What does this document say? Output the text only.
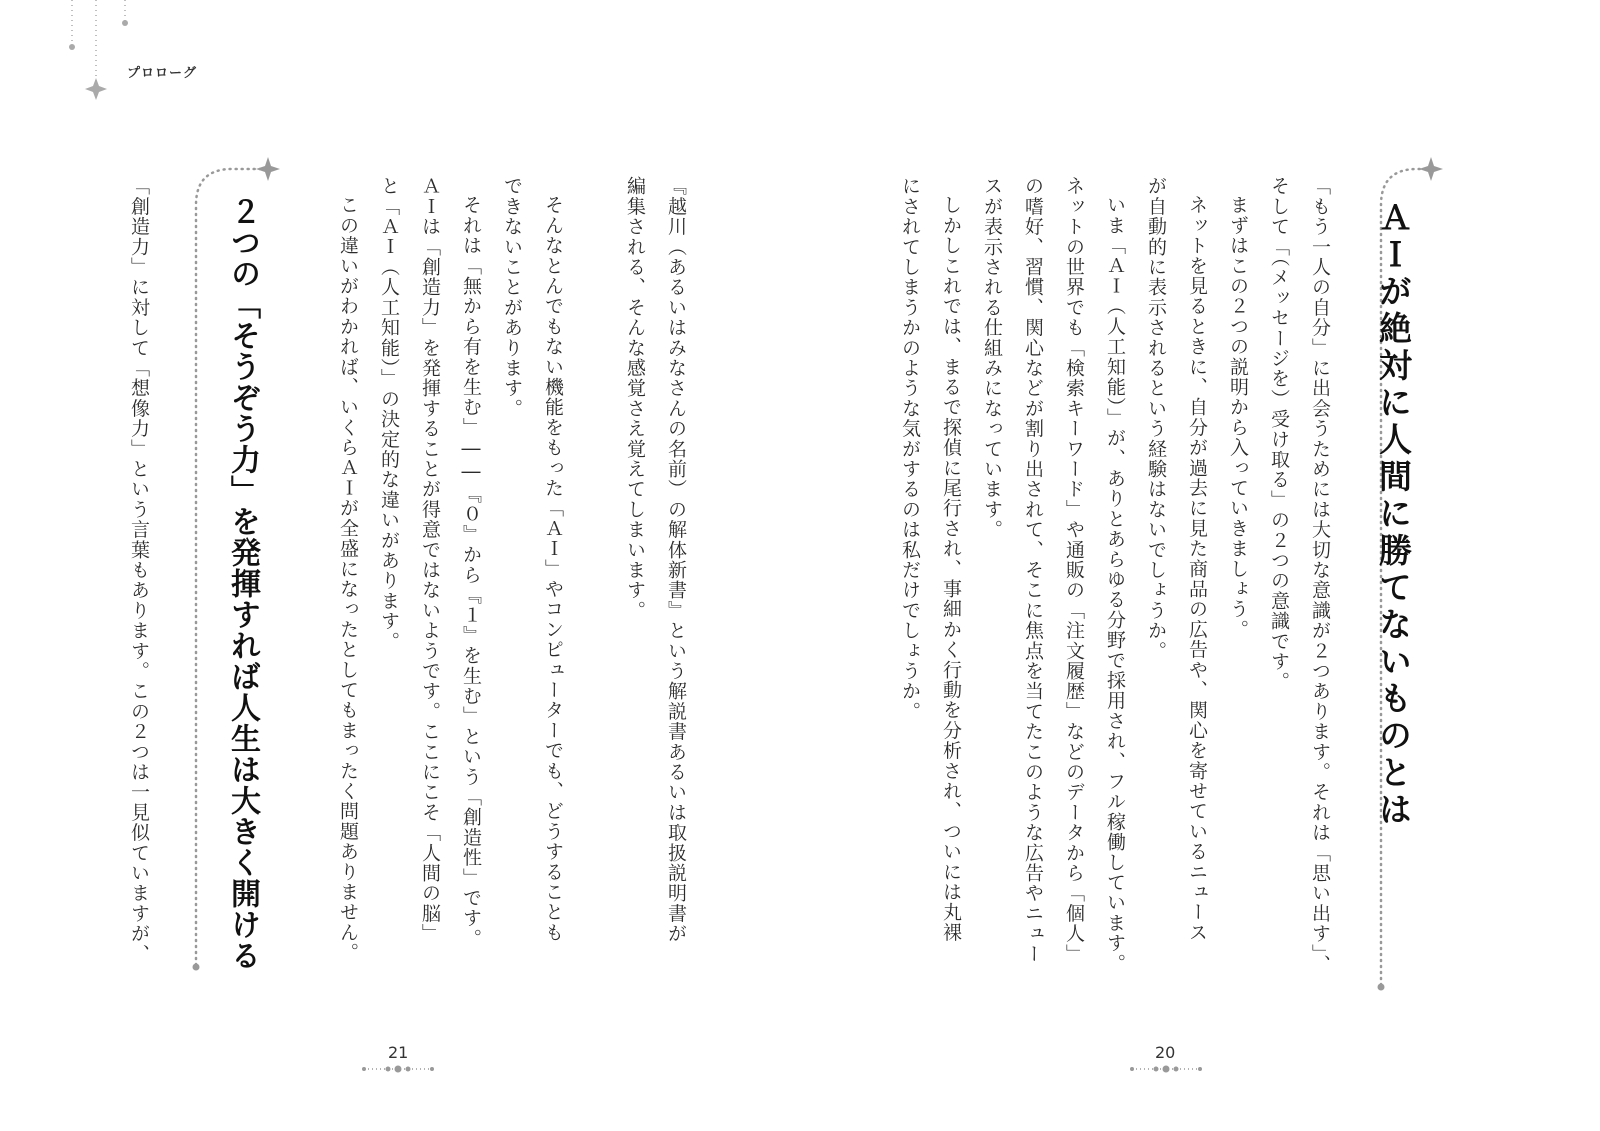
プロローグ
ＡＩが絶対に人間に勝てないものとは
「もう一人の自分」に出会うためには大切な意識が２つあります。それは「思い出す」、
そして「（メッセージを）受け取る」の２つの意識です。
まずはこの２つの説明から入っていきましょう。
ネットを見るときに、自分が過去に見た商品の広告や、関心を寄せているニュース
が自動的に表示されるという経験はないでしょうか。
いま「ＡＩ（人工知能）」が、ありとあらゆる分野で採用され、フル稼働しています。
ネットの世界でも「検索キーワード」や通販の「注文履歴」などのデータから「個人」
の嗜好、習慣、関心などが割り出されて、そこに焦点を当てたこのような広告やニュー
スが表示される仕組みになっています。
しかしこれでは、まるで探偵に尾行され、事細かく行動を分析され、ついには丸裸
にされてしまうかのような気がするのは私だけでしょうか。
20
『越川（あるいはみなさんの名前）の解体新書』という解説書あるいは取扱説明書が
編集される、そんな感覚さえ覚えてしまいます。
そんなとんでもない機能をもった「ＡＩ」やコンピューターでも、どうすることも
できないことがあります。
それは「無から有を生む」――『０』から『１』を生む」という「創造性」です。
ＡＩは「創造力」を発揮することが得意ではないようです。ここにこそ「人間の脳」
と「ＡＩ（人工知能）」の決定的な違いがあります。
この違いがわかれば、いくらＡＩが全盛になったとしてもまったく問題ありません。
２つの「そうぞう力」を発揮すれば人生は大きく開ける
「創造力」に対して「想像力」という言葉もあります。この２つは一見似ていますが、
21
